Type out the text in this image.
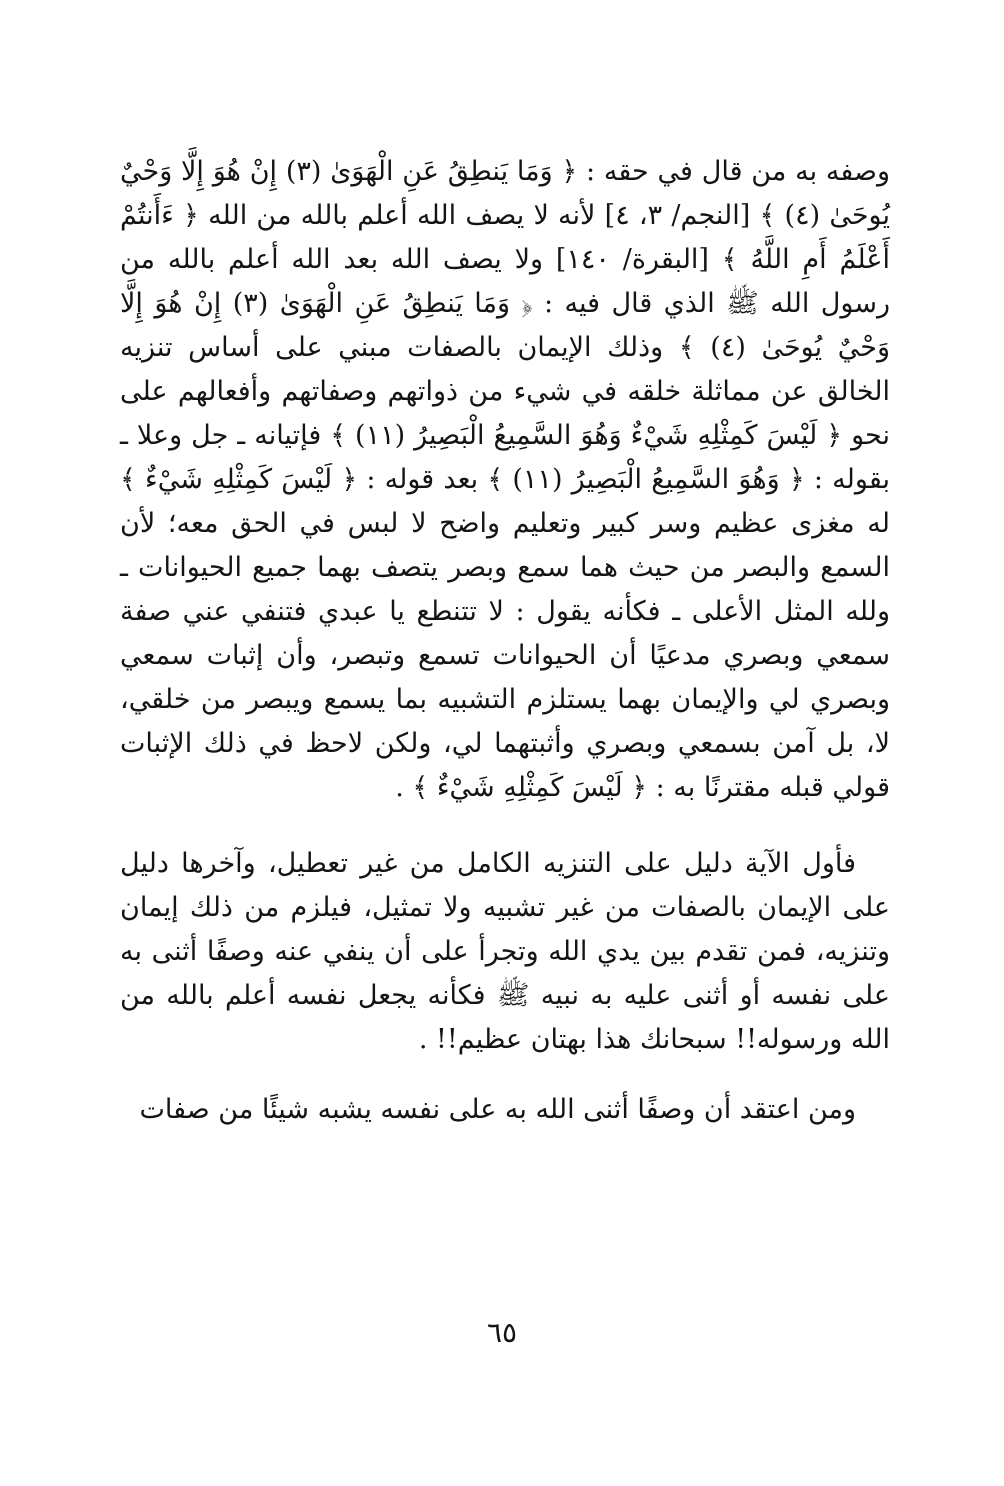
وصفه به من قال في حقه : ﴿ وَمَا يَنطِقُ عَنِ الْهَوَىٰ (٣) إِنْ هُوَ إِلَّا وَحْيٌ يُوحَىٰ (٤) ﴾ [النجم/ ٣، ٤] لأنه لا يصف الله أعلم بالله من الله ﴿ ءَأَنتُمْ أَعْلَمُ أَمِ اللَّهُ ﴾ [البقرة/ ١٤٠] ولا يصف الله بعد الله أعلم بالله من رسول الله ﷺ الذي قال فيه : ﴿ وَمَا يَنطِقُ عَنِ الْهَوَىٰ (٣) إِنْ هُوَ إِلَّا وَحْيٌ يُوحَىٰ (٤) ﴾ وذلك الإيمان بالصفات مبني على أساس تنزيه الخالق عن مماثلة خلقه في شيء من ذواتهم وصفاتهم وأفعالهم على نحو ﴿ لَيْسَ كَمِثْلِهِ شَيْءٌ وَهُوَ السَّمِيعُ الْبَصِيرُ (١١) ﴾ فإتيانه ـ جل وعلا ـ بقوله : ﴿ وَهُوَ السَّمِيعُ الْبَصِيرُ (١١) ﴾ بعد قوله : ﴿ لَيْسَ كَمِثْلِهِ شَيْءٌ ﴾ له مغزى عظيم وسر كبير وتعليم واضح لا لبس في الحق معه؛ لأن السمع والبصر من حيث هما سمع وبصر يتصف بهما جميع الحيوانات ـ ولله المثل الأعلى ـ فكأنه يقول : لا تتنطع يا عبدي فتنفي عني صفة سمعي وبصري مدعيًا أن الحيوانات تسمع وتبصر، وأن إثبات سمعي وبصري لي والإيمان بهما يستلزم التشبيه بما يسمع ويبصر من خلقي، لا، بل آمن بسمعي وبصري وأثبتهما لي، ولكن لاحظ في ذلك الإثبات قولي قبله مقترنًا به : ﴿ لَيْسَ كَمِثْلِهِ شَيْءٌ ﴾ .

فأول الآية دليل على التنزيه الكامل من غير تعطيل، وآخرها دليل على الإيمان بالصفات من غير تشبيه ولا تمثيل، فيلزم من ذلك إيمان وتنزيه، فمن تقدم بين يدي الله وتجرأ على أن ينفي عنه وصفًا أثنى به على نفسه أو أثنى عليه به نبيه ﷺ فكأنه يجعل نفسه أعلم بالله من الله ورسوله!! سبحانك هذا بهتان عظيم!! .

ومن اعتقد أن وصفًا أثنى الله به على نفسه يشبه شيئًا من صفات

٦٥
